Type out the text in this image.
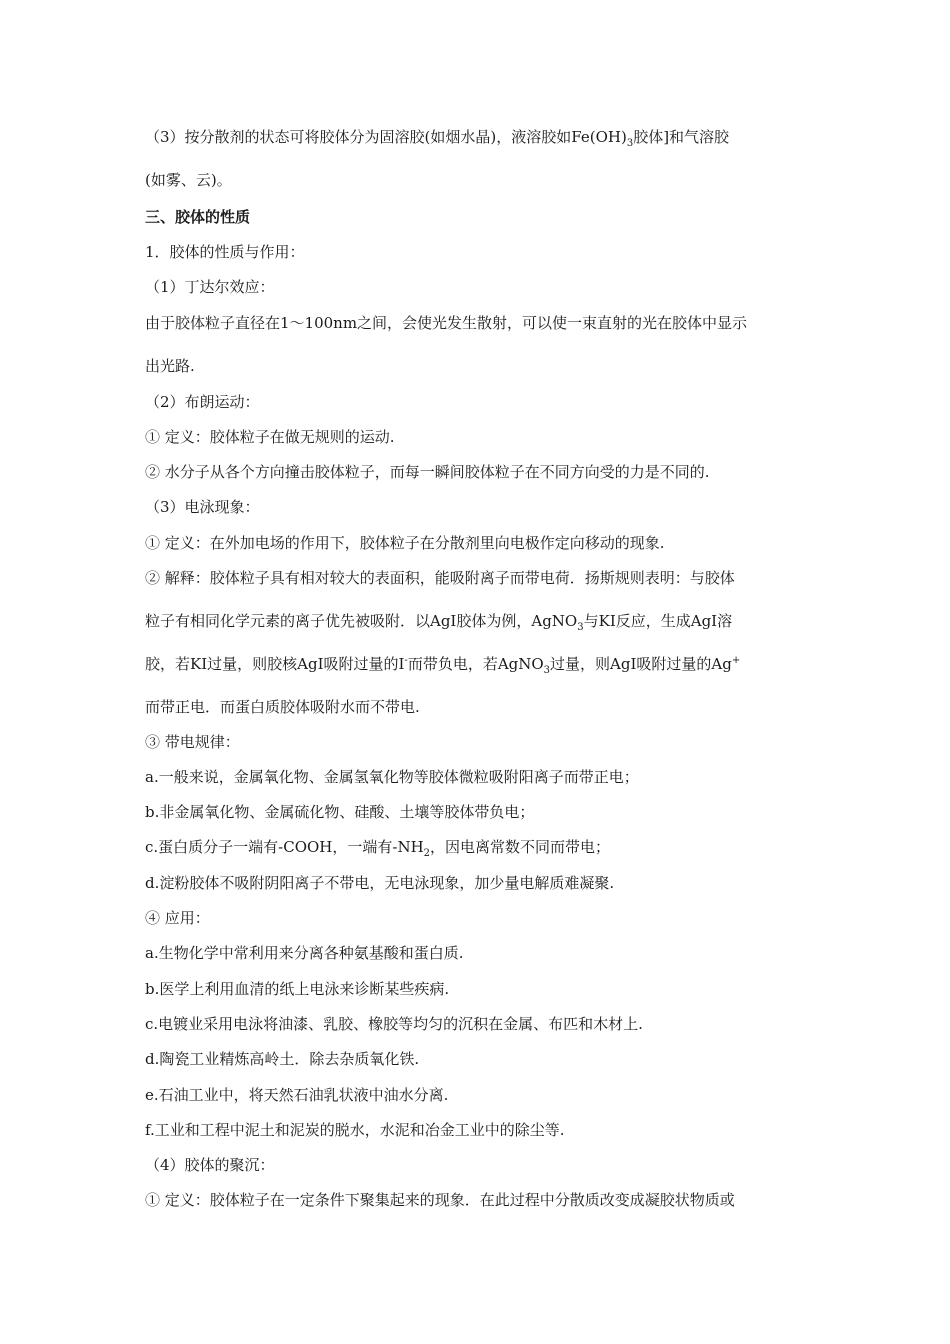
（3）按分散剂的状态可将胶体分为固溶胶(如烟水晶)，液溶胶如$Fe(OH)_3$胶体]和气溶胶
(如雾、云)。
三、胶体的性质
1．胶体的性质与作用：
（1）丁达尔效应：
由于胶体粒子直径在1～100nm之间，会使光发生散射，可以使一束直射的光在胶体中显示
出光路.
（2）布朗运动：
① 定义：胶体粒子在做无规则的运动.
② 水分子从各个方向撞击胶体粒子，而每一瞬间胶体粒子在不同方向受的力是不同的.
（3）电泳现象：
① 定义：在外加电场的作用下，胶体粒子在分散剂里向电极作定向移动的现象.
② 解释：胶体粒子具有相对较大的表面积，能吸附离子而带电荷．扬斯规则表明：与胶体
粒子有相同化学元素的离子优先被吸附．以AgI胶体为例，AgNO$_3$与KI反应，生成AgI溶
胶，若KI过量，则胶核AgI吸附过量的I-而带负电，若AgNO$_3$过量，则AgI吸附过量的Ag+
而带正电．而蛋白质胶体吸附水而不带电.
③ 带电规律：
a.一般来说，金属氧化物、金属氢氧化物等胶体微粒吸附阳离子而带正电；
b.非金属氧化物、金属硫化物、硅酸、土壤等胶体带负电；
c.蛋白质分子一端有-COOH，一端有$-NH_2$，因电离常数不同而带电；
d.淀粉胶体不吸附阴阳离子不带电，无电泳现象，加少量电解质难凝聚.
④ 应用：
a.生物化学中常利用来分离各种氨基酸和蛋白质.
b.医学上利用血清的纸上电泳来诊断某些疾病.
c.电镀业采用电泳将油漆、乳胶、橡胶等均匀的沉积在金属、布匹和木材上.
d.陶瓷工业精炼高岭土．除去杂质氧化铁.
e.石油工业中，将天然石油乳状液中油水分离.
f.工业和工程中泥土和泥炭的脱水，水泥和冶金工业中的除尘等.
（4）胶体的聚沉：
① 定义：胶体粒子在一定条件下聚集起来的现象．在此过程中分散质改变成凝胶状物质或
